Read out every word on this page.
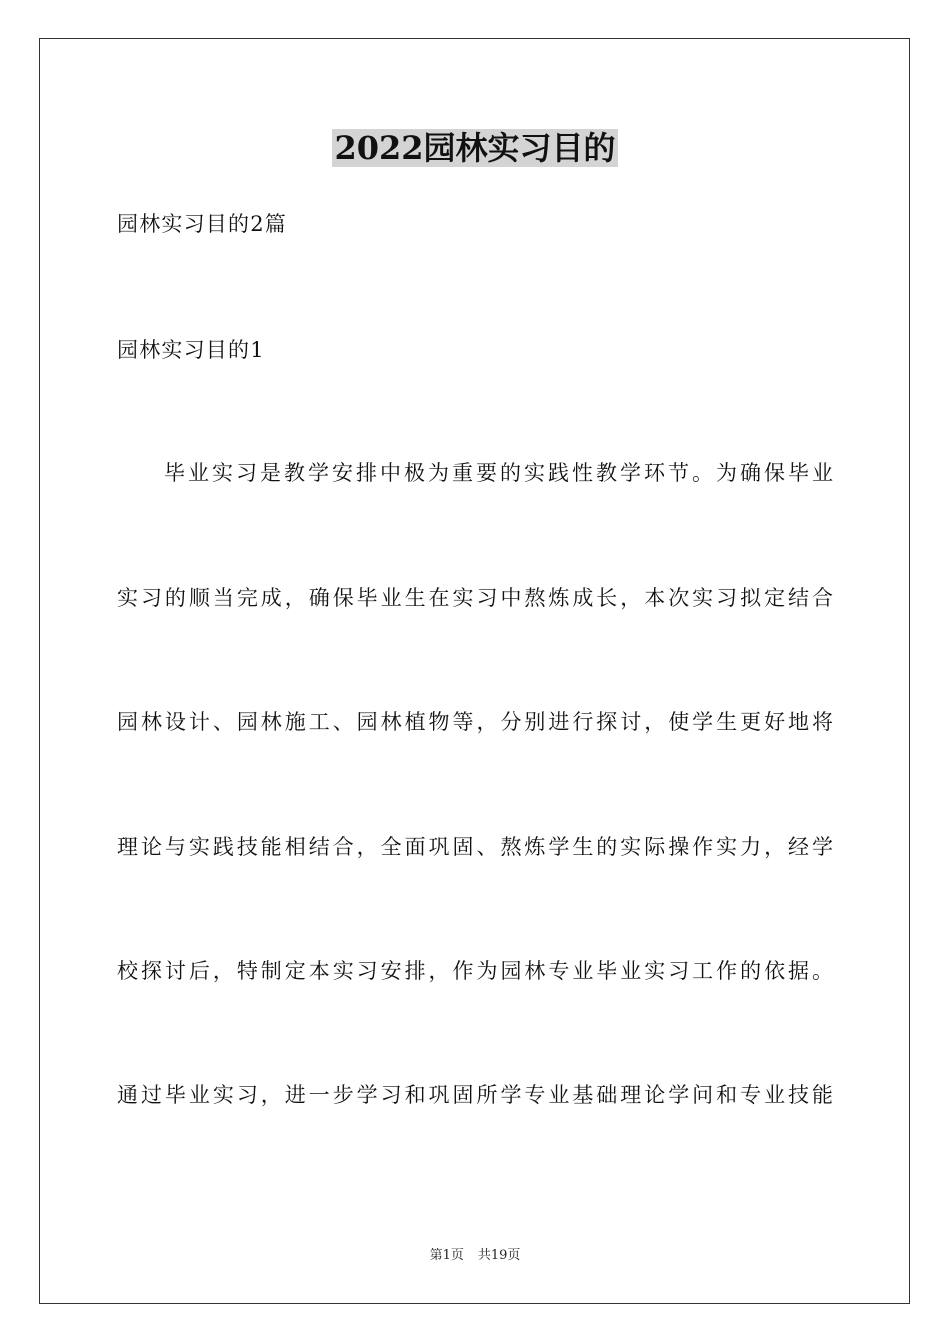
2022园林实习目的
园林实习目的2篇
园林实习目的1
毕业实习是教学安排中极为重要的实践性教学环节。为确保毕业
实习的顺当完成，确保毕业生在实习中熬炼成长，本次实习拟定结合
园林设计、园林施工、园林植物等，分别进行探讨，使学生更好地将
理论与实践技能相结合，全面巩固、熬炼学生的实际操作实力，经学
校探讨后，特制定本实习安排，作为园林专业毕业实习工作的依据。
通过毕业实习，进一步学习和巩固所学专业基础理论学问和专业技能
第1页 共19页
